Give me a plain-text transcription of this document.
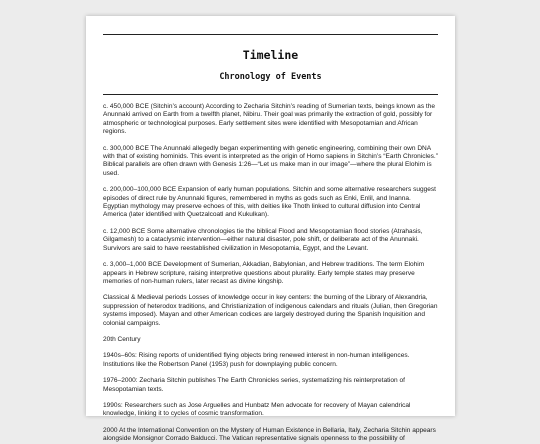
Timeline
Chronology of Events

c. 450,000 BCE (Sitchin’s account) According to Zecharia Sitchin’s reading of Sumerian texts, beings known as the Anunnaki arrived on Earth from a twelfth planet, Nibiru. Their goal was primarily the extraction of gold, possibly for atmospheric or technological purposes. Early settlement sites were identified with Mesopotamian and African regions.

c. 300,000 BCE The Anunnaki allegedly began experimenting with genetic engineering, combining their own DNA with that of existing hominids. This event is interpreted as the origin of Homo sapiens in Sitchin’s “Earth Chronicles.” Biblical parallels are often drawn with Genesis 1:26—“Let us make man in our image”—where the plural Elohim is used.

c. 200,000–100,000 BCE Expansion of early human populations. Sitchin and some alternative researchers suggest episodes of direct rule by Anunnaki figures, remembered in myths as gods such as Enki, Enlil, and Inanna. Egyptian mythology may preserve echoes of this, with deities like Thoth linked to cultural diffusion into Central America (later identified with Quetzalcoatl and Kukulkan).

c. 12,000 BCE Some alternative chronologies tie the biblical Flood and Mesopotamian flood stories (Atrahasis, Gilgamesh) to a cataclysmic intervention—either natural disaster, pole shift, or deliberate act of the Anunnaki. Survivors are said to have reestablished civilization in Mesopotamia, Egypt, and the Levant.

c. 3,000–1,000 BCE Development of Sumerian, Akkadian, Babylonian, and Hebrew traditions. The term Elohim appears in Hebrew scripture, raising interpretive questions about plurality. Early temple states may preserve memories of non-human rulers, later recast as divine kingship.

Classical & Medieval periods Losses of knowledge occur in key centers: the burning of the Library of Alexandria, suppression of heterodox traditions, and Christianization of indigenous calendars and rituals (Julian, then Gregorian systems imposed). Mayan and other American codices are largely destroyed during the Spanish Inquisition and colonial campaigns.

20th Century

1940s–60s: Rising reports of unidentified flying objects bring renewed interest in non-human intelligences. Institutions like the Robertson Panel (1953) push for downplaying public concern.

1976–2000: Zecharia Sitchin publishes The Earth Chronicles series, systematizing his reinterpretation of Mesopotamian texts.

1990s: Researchers such as Jose Arguelles and Hunbatz Men advocate for recovery of Mayan calendrical knowledge, linking it to cycles of cosmic transformation.

2000 At the International Convention on the Mystery of Human Existence in Bellaria, Italy, Zecharia Sitchin appears alongside Monsignor Corrado Balducci. The Vatican representative signals openness to the possibility of
